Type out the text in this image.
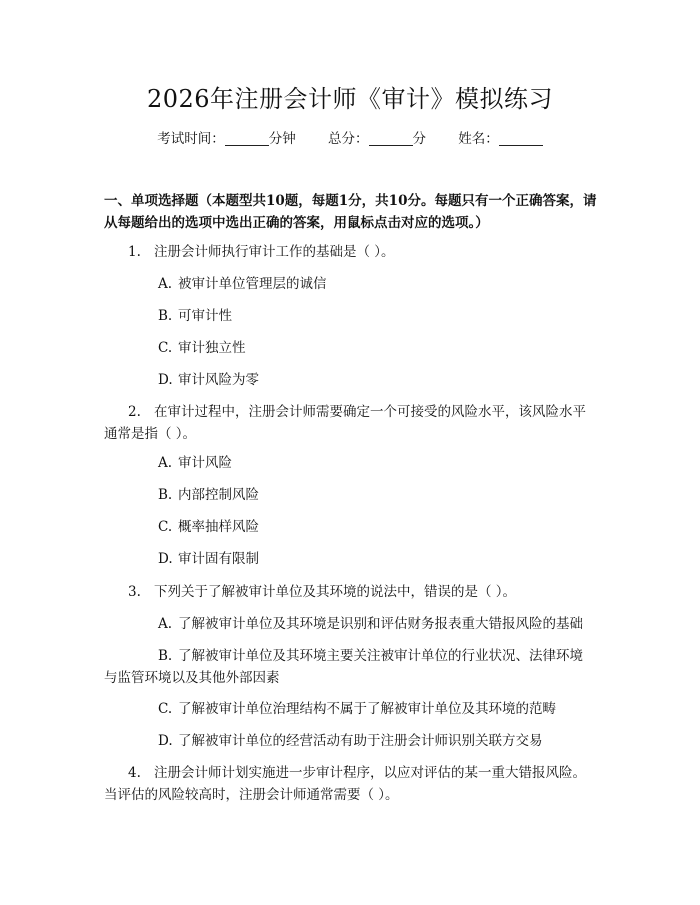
2026年注册会计师《审计》模拟练习
考试时间：	分钟 总分：	分 姓名：
一、单项选择题（本题型共10题，每题1分，共10分。每题只有一个正确答案，请从每题给出的选项中选出正确的答案，用鼠标点击对应的选项。）
1. 注册会计师执行审计工作的基础是（ ）。
A. 被审计单位管理层的诚信
B. 可审计性
C. 审计独立性
D. 审计风险为零
2. 在审计过程中，注册会计师需要确定一个可接受的风险水平，该风险水平通常是指（ ）。
A. 审计风险
B. 内部控制风险
C. 概率抽样风险
D. 审计固有限制
3. 下列关于了解被审计单位及其环境的说法中，错误的是（ ）。
A. 了解被审计单位及其环境是识别和评估财务报表重大错报风险的基础
B. 了解被审计单位及其环境主要关注被审计单位的行业状况、法律环境与监管环境以及其他外部因素
C. 了解被审计单位治理结构不属于了解被审计单位及其环境的范畴
D. 了解被审计单位的经营活动有助于注册会计师识别关联方交易
4. 注册会计师计划实施进一步审计程序，以应对评估的某一重大错报风险。当评估的风险较高时，注册会计师通常需要（ ）。
